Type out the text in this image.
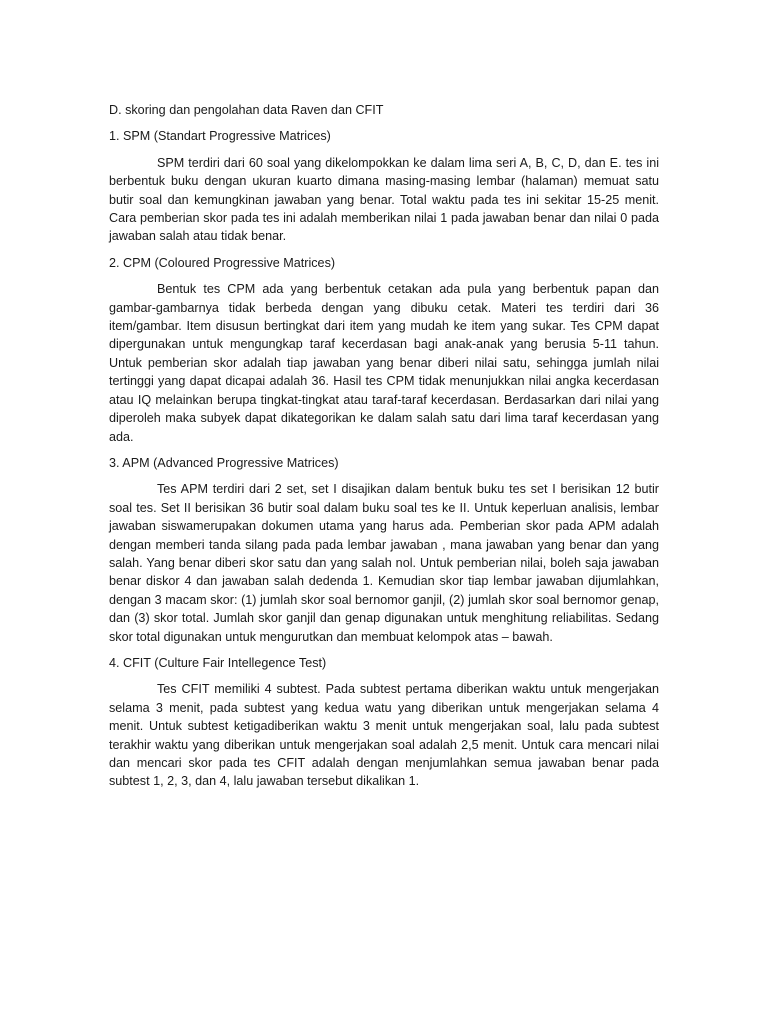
D. skoring dan pengolahan data Raven dan CFIT

1. SPM (Standart Progressive Matrices)

SPM terdiri dari 60 soal yang dikelompokkan ke dalam lima seri A, B, C, D, dan E. tes ini berbentuk buku dengan ukuran kuarto dimana masing-masing lembar (halaman) memuat satu butir soal dan kemungkinan jawaban yang benar. Total waktu pada tes ini sekitar 15-25 menit. Cara pemberian skor pada tes ini adalah memberikan nilai 1 pada jawaban benar dan nilai 0 pada jawaban salah atau tidak benar.

2. CPM (Coloured Progressive Matrices)

Bentuk tes CPM ada yang berbentuk cetakan ada pula yang berbentuk papan dan gambar-gambarnya tidak berbeda dengan yang dibuku cetak. Materi tes terdiri dari 36 item/gambar. Item disusun bertingkat dari item yang mudah ke item yang sukar. Tes CPM dapat dipergunakan untuk mengungkap taraf kecerdasan bagi anak-anak yang berusia 5-11 tahun. Untuk pemberian skor adalah tiap jawaban yang benar diberi nilai satu, sehingga jumlah nilai tertinggi yang dapat dicapai adalah 36. Hasil tes CPM tidak menunjukkan nilai angka kecerdasan atau IQ melainkan berupa tingkat-tingkat atau taraf-taraf kecerdasan. Berdasarkan dari nilai yang diperoleh maka subyek dapat dikategorikan ke dalam salah satu dari lima taraf kecerdasan yang ada.

3. APM (Advanced Progressive Matrices)

Tes APM terdiri dari 2 set, set I disajikan dalam bentuk buku tes set I berisikan 12 butir soal tes. Set II berisikan 36 butir soal dalam buku soal tes ke II. Untuk keperluan analisis, lembar jawaban siswamerupakan dokumen utama yang harus ada. Pemberian skor pada APM adalah dengan memberi tanda silang pada pada lembar jawaban , mana jawaban yang benar dan yang salah. Yang benar diberi skor satu dan yang salah nol. Untuk pemberian nilai, boleh saja jawaban benar diskor 4 dan jawaban salah dedenda 1. Kemudian skor tiap lembar jawaban dijumlahkan, dengan 3 macam skor: (1) jumlah skor soal bernomor ganjil, (2) jumlah skor soal bernomor genap, dan (3) skor total. Jumlah skor ganjil dan genap digunakan untuk menghitung reliabilitas. Sedang skor total digunakan untuk mengurutkan dan membuat kelompok atas – bawah.

4. CFIT (Culture Fair Intellegence Test)

Tes CFIT memiliki 4 subtest. Pada subtest pertama diberikan waktu untuk mengerjakan selama 3 menit, pada subtest yang kedua watu yang diberikan untuk mengerjakan selama 4 menit. Untuk subtest ketigadiberikan waktu 3 menit untuk mengerjakan soal, lalu pada subtest terakhir waktu yang diberikan untuk mengerjakan soal adalah 2,5 menit. Untuk cara mencari nilai dan mencari skor pada tes CFIT adalah dengan menjumlahkan semua jawaban benar pada subtest 1, 2, 3, dan 4, lalu jawaban tersebut dikalikan 1.
